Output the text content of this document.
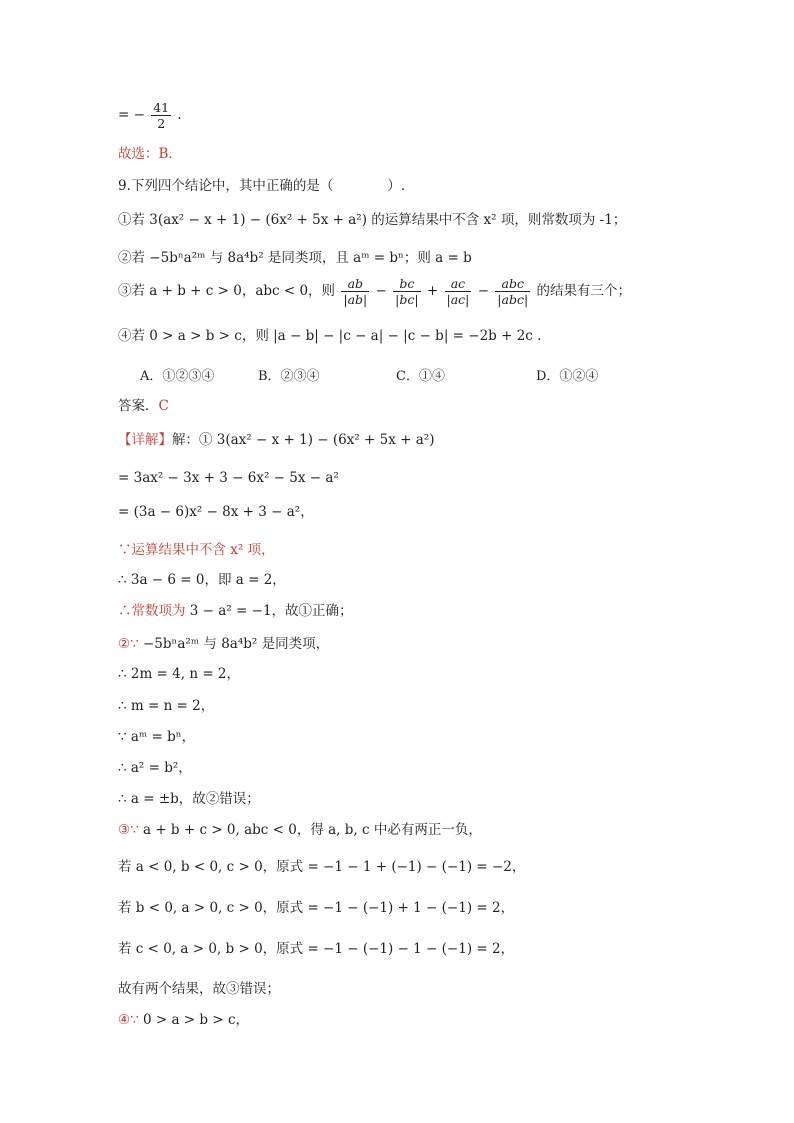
= − $\frac{41}{2}$ .
故选：B．
9.下列四个结论中，其中正确的是（　　　　）.
①若 3(ax² − x + 1) − (6x² + 5x + a²) 的运算结果中不含 x² 项，则常数项为 -1；
②若 −5bⁿa²ᵐ 与 8a⁴b² 是同类项，且 aᵐ = bⁿ；则 a = b
③若 a + b + c > 0，abc < 0，则 $\frac{ab}{|ab|} - \frac{bc}{|bc|} + \frac{ac}{|ac|} - \frac{\text{abc}}{\text{|abc|}}$ 的结果有三个；
④若 0 > a > b > c，则 |a − b| − |c − a| − |c − b| = −2b + 2c .
A．①②③④	B．②③④	C．①④	D．①②④
答案．C
【详解】解：① 3(ax² − x + 1) − (6x² + 5x + a²)
= 3ax² − 3x + 3 − 6x² − 5x − a²
= (3a − 6)x² − 8x + 3 − a²，
∵运算结果中不含 x² 项，
∴ 3a − 6 = 0，即 a = 2，
∴常数项为 3 − a² = −1，故①正确；
②∵ −5bⁿa²ᵐ 与 8a⁴b² 是同类项，
∴ 2m = 4, n = 2，
∴ m = n = 2，
∵ aᵐ = bⁿ，
∴ a² = b²，
∴ a = ±b，故②错误；
③∵ a + b + c > 0, abc < 0，得 a, b, c 中必有两正一负，
若 a < 0, b < 0, c > 0，原式 = −1 − 1 + (−1) − (−1) = −2，
若 b < 0, a > 0, c > 0，原式 = −1 − (−1) + 1 − (−1) = 2，
若 c < 0, a > 0, b > 0，原式 = −1 − (−1) − 1 − (−1) = 2，
故有两个结果，故③错误；
④∵ 0 > a > b > c，
